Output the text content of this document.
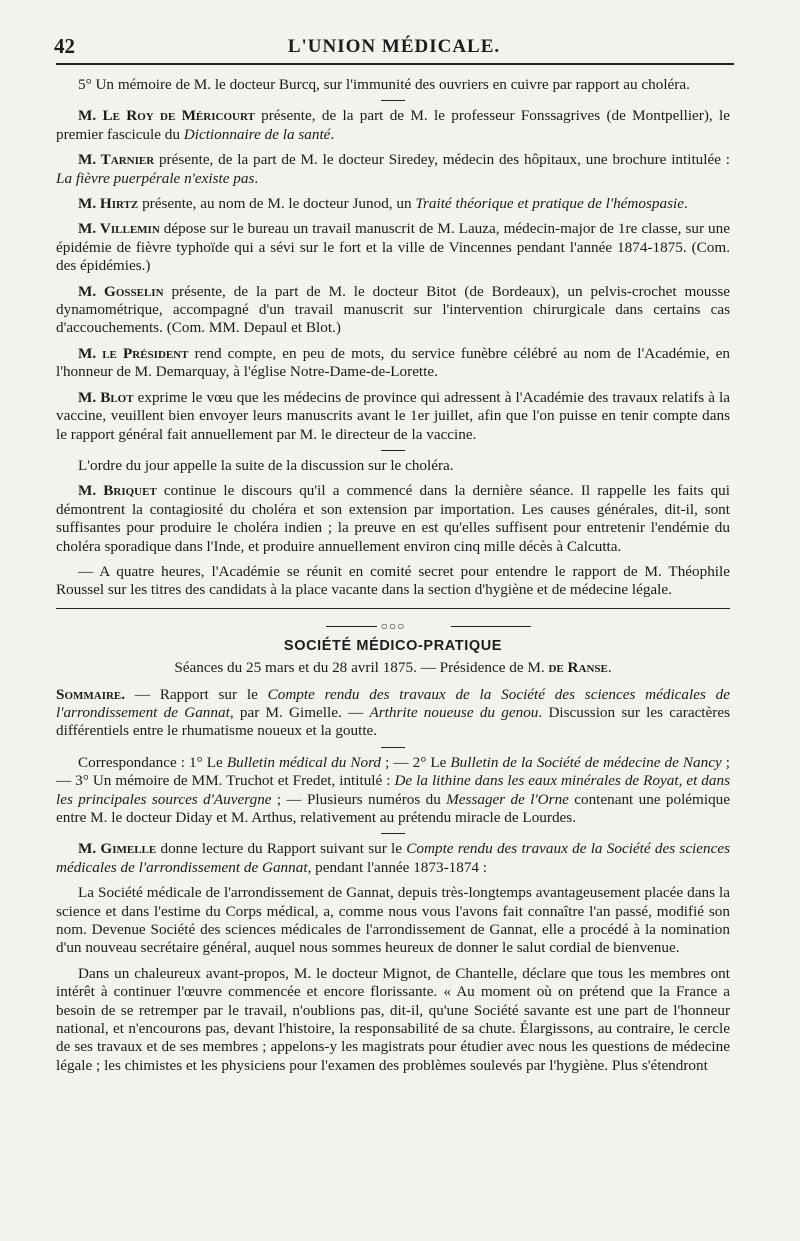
42	L'UNION MÉDICALE.

5° Un mémoire de M. le docteur Burcq, sur l'immunité des ouvriers en cuivre par rapport au choléra.

M. Le Roy de Méricourt présente, de la part de M. le professeur Fonssagrives (de Montpellier), le premier fascicule du Dictionnaire de la santé.

M. Tarnier présente, de la part de M. le docteur Siredey, médecin des hôpitaux, une brochure intitulée : La fièvre puerpérale n'existe pas.

M. Hirtz présente, au nom de M. le docteur Junod, un Traité théorique et pratique de l'hémospasie.

M. Villemin dépose sur le bureau un travail manuscrit de M. Lauza, médecin-major de 1re classe, sur une épidémie de fièvre typhoïde qui a sévi sur le fort et la ville de Vincennes pendant l'année 1874-1875. (Com. des épidémies.)

M. Gosselin présente, de la part de M. le docteur Bitot (de Bordeaux), un pelvis-crochet mousse dynamométrique, accompagné d'un travail manuscrit sur l'intervention chirurgicale dans certains cas d'accouchements. (Com. MM. Depaul et Blot.)

M. le Président rend compte, en peu de mots, du service funèbre célébré au nom de l'Académie, en l'honneur de M. Demarquay, à l'église Notre-Dame-de-Lorette.

M. Blot exprime le vœu que les médecins de province qui adressent à l'Académie des travaux relatifs à la vaccine, veuillent bien envoyer leurs manuscrits avant le 1er juillet, afin que l'on puisse en tenir compte dans le rapport général fait annuellement par M. le directeur de la vaccine.

L'ordre du jour appelle la suite de la discussion sur le choléra.

M. Briquet continue le discours qu'il a commencé dans la dernière séance. Il rappelle les faits qui démontrent la contagiosité du choléra et son extension par importation. Les causes générales, dit-il, sont suffisantes pour produire le choléra indien ; la preuve en est qu'elles suffisent pour entretenir l'endémie du choléra sporadique dans l'Inde, et produire annuellement environ cinq mille décès à Calcutta.

— A quatre heures, l'Académie se réunit en comité secret pour entendre le rapport de M. Théophile Roussel sur les titres des candidats à la place vacante dans la section d'hygiène et de médecine légale.

○○○
SOCIÉTÉ MÉDICO-PRATIQUE
Séances du 25 mars et du 28 avril 1875. — Présidence de M. de Ranse.

Sommaire. — Rapport sur le Compte rendu des travaux de la Société des sciences médicales de l'arrondissement de Gannat, par M. Gimelle. — Arthrite noueuse du genou. Discussion sur les caractères différentiels entre le rhumatisme noueux et la goutte.

Correspondance : 1° Le Bulletin médical du Nord ; — 2° Le Bulletin de la Société de médecine de Nancy ; — 3° Un mémoire de MM. Truchot et Fredet, intitulé : De la lithine dans les eaux minérales de Royat, et dans les principales sources d'Auvergne ; — Plusieurs numéros du Messager de l'Orne contenant une polémique entre M. le docteur Diday et M. Arthus, relativement au prétendu miracle de Lourdes.

M. Gimelle donne lecture du Rapport suivant sur le Compte rendu des travaux de la Société des sciences médicales de l'arrondissement de Gannat, pendant l'année 1873-1874 :

La Société médicale de l'arrondissement de Gannat, depuis très-longtemps avantageusement placée dans la science et dans l'estime du Corps médical, a, comme nous vous l'avons fait connaître l'an passé, modifié son nom. Devenue Société des sciences médicales de l'arrondissement de Gannat, elle a procédé à la nomination d'un nouveau secrétaire général, auquel nous sommes heureux de donner le salut cordial de bienvenue.

Dans un chaleureux avant-propos, M. le docteur Mignot, de Chantelle, déclare que tous les membres ont intérêt à continuer l'œuvre commencée et encore florissante. « Au moment où on prétend que la France a besoin de se retremper par le travail, n'oublions pas, dit-il, qu'une Société savante est une part de l'honneur national, et n'encourons pas, devant l'histoire, la responsabilité de sa chute. Élargissons, au contraire, le cercle de ses travaux et de ses membres ; appelons-y les magistrats pour étudier avec nous les questions de médecine légale ; les chimistes et les physiciens pour l'examen des problèmes soulevés par l'hygiène. Plus s'étendront
